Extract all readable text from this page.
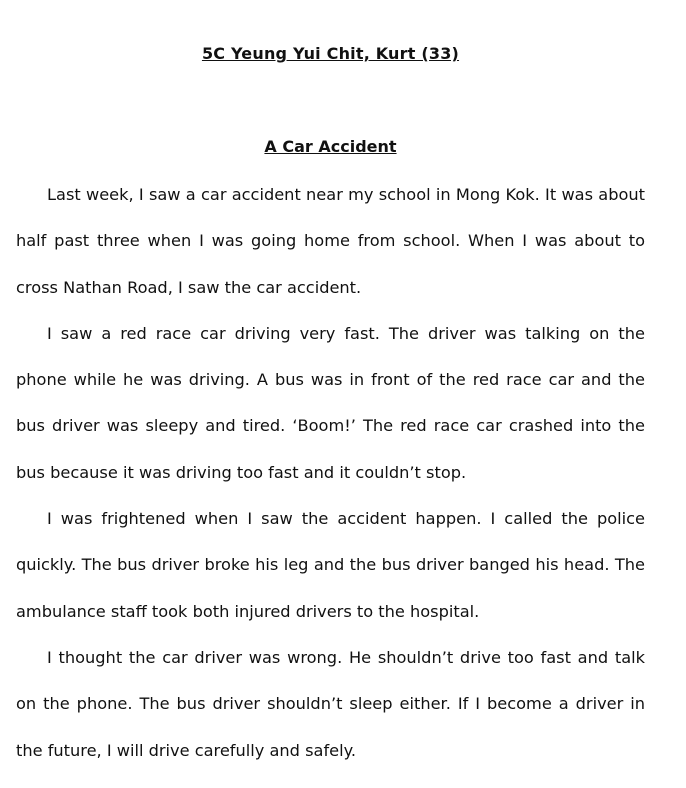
5C Yeung Yui Chit, Kurt (33)
A Car Accident

Last week, I saw a car accident near my school in Mong Kok. It was about half past three when I was going home from school. When I was about to cross Nathan Road, I saw the car accident.

I saw a red race car driving very fast. The driver was talking on the phone while he was driving. A bus was in front of the red race car and the bus driver was sleepy and tired. ‘Boom!’ The red race car crashed into the bus because it was driving too fast and it couldn’t stop.

I was frightened when I saw the accident happen. I called the police quickly. The bus driver broke his leg and the bus driver banged his head. The ambulance staff took both injured drivers to the hospital.

I thought the car driver was wrong. He shouldn’t drive too fast and talk on the phone. The bus driver shouldn’t sleep either. If I become a driver in the future, I will drive carefully and safely.
